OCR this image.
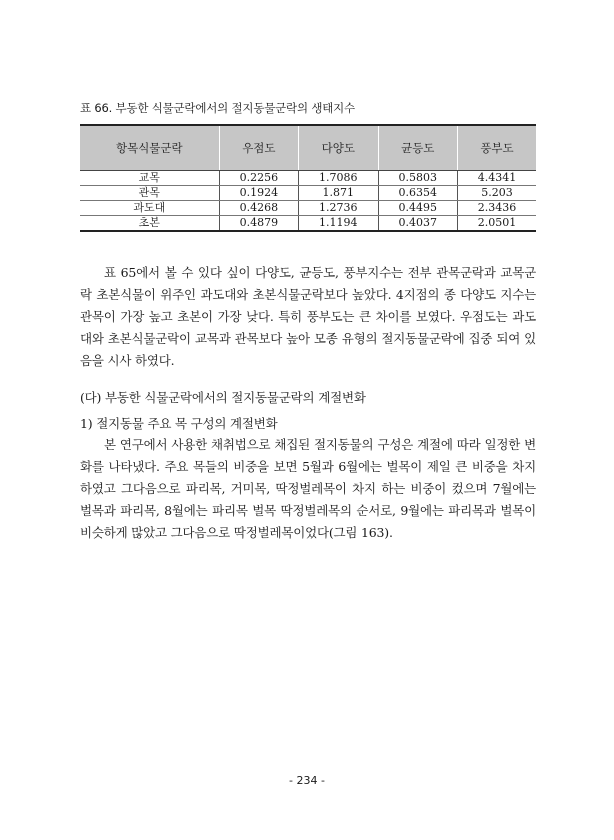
표 66. 부동한 식물군락에서의 절지동물군락의 생태지수
항목식물군락	우점도	다양도	균등도	풍부도
교목	0.2256	1.7086	0.5803	4.4341
관목	0.1924	1.871	0.6354	5.203
과도대	0.4268	1.2736	0.4495	2.3436
초본	0.4879	1.1194	0.4037	2.0501

표 65에서 볼 수 있다 싶이 다양도, 균등도, 풍부지수는 전부 관목군락과 교목군락 초본식물이 위주인 과도대와 초본식물군락보다 높았다. 4지점의 종 다양도 지수는 관목이 가장 높고 초본이 가장 낮다. 특히 풍부도는 큰 차이를 보였다. 우점도는 과도대와 초본식물군락이 교목과 관목보다 높아 모종 유형의 절지동물군락에 집중 되여 있음을 시사 하였다.

(다) 부동한 식물군락에서의 절지동물군락의 계절변화
1) 절지동물 주요 목 구성의 계절변화

본 연구에서 사용한 채취법으로 채집된 절지동물의 구성은 계절에 따라 일정한 변화를 나타냈다. 주요 목들의 비중을 보면 5월과 6월에는 벌목이 제일 큰 비중을 차지하였고 그다음으로 파리목, 거미목, 딱정벌레목이 차지 하는 비중이 컸으며 7월에는 벌목과 파리목, 8월에는 파리목 벌목 딱정벌레목의 순서로, 9월에는 파리목과 벌목이 비슷하게 많았고 그다음으로 딱정벌레목이었다(그림 163).

- 234 -
